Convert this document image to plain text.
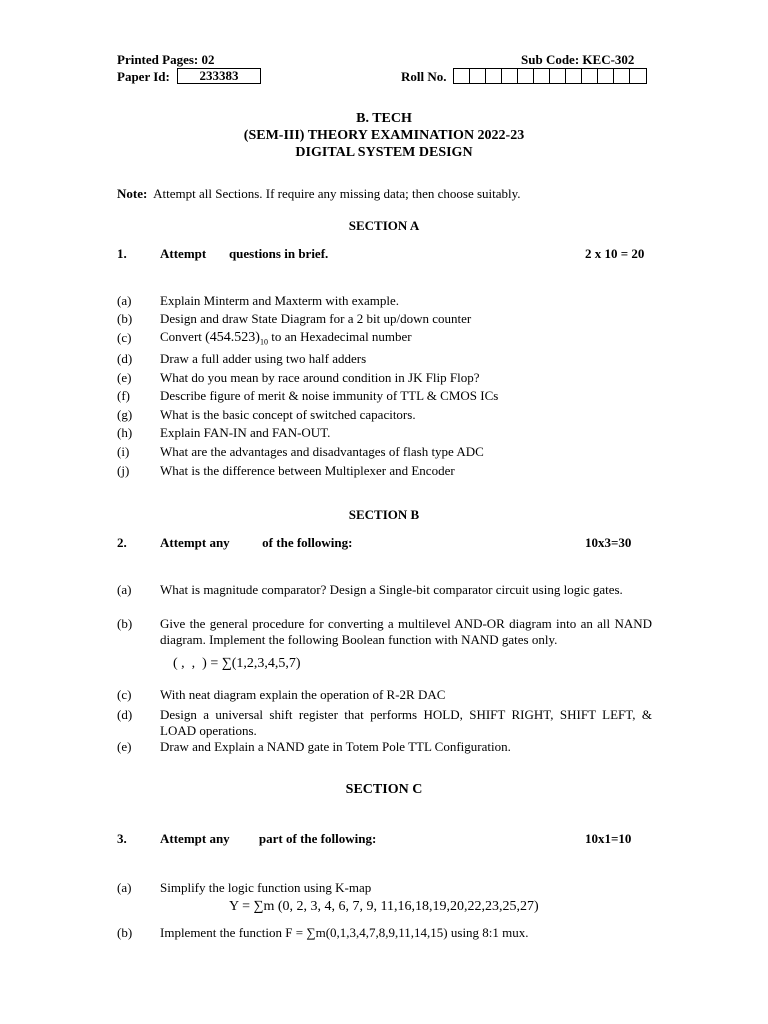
Printed Pages: 02	Sub Code: KEC-302
Paper Id:	233383	Roll No.
B. TECH
(SEM-III) THEORY EXAMINATION 2022-23
DIGITAL SYSTEM DESIGN
Note: Attempt all Sections. If require any missing data; then choose suitably.
SECTION A
1.	Attempt       questions in brief.	2 x 10 = 20
(a) Explain Minterm and Maxterm with example.
(b) Design and draw State Diagram for a 2 bit up/down counter
(c) Convert $(454.523)_{10}$ to an Hexadecimal number
(d) Draw a full adder using two half adders
(e) What do you mean by race around condition in JK Flip Flop?
(f) Describe figure of merit & noise immunity of TTL & CMOS ICs
(g) What is the basic concept of switched capacitors.
(h) Explain FAN-IN and FAN-OUT.
(i) What are the advantages and disadvantages of flash type ADC
(j) What is the difference between Multiplexer and Encoder
SECTION B
2.	Attempt any          of the following:	10x3=30
(a) What is magnitude comparator? Design a Single-bit comparator circuit using logic gates.
(b) Give the general procedure for converting a multilevel AND-OR diagram into an all NAND diagram. Implement the following Boolean function with NAND gates only.
( ,  ,  ) = ∑(1,2,3,4,5,7)
(c) With neat diagram explain the operation of R-2R DAC
(d) Design a universal shift register that performs HOLD, SHIFT RIGHT, SHIFT LEFT, & LOAD operations.
(e) Draw and Explain a NAND gate in Totem Pole TTL Configuration.
SECTION C
3.	Attempt any         part of the following:	10x1=10
(a) Simplify the logic function using K-map
Y = ∑m (0, 2, 3, 4, 6, 7, 9, 11,16,18,19,20,22,23,25,27)
(b) Implement the function F = ∑m(0,1,3,4,7,8,9,11,14,15) using 8:1 mux.
